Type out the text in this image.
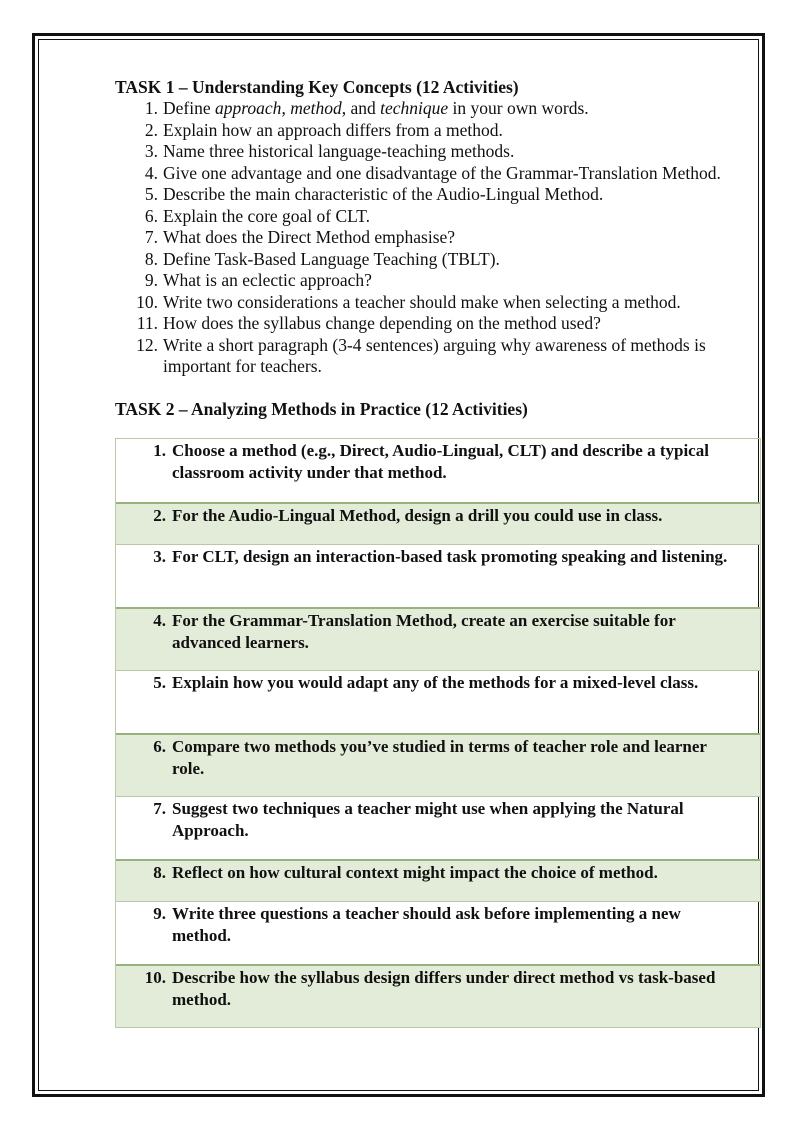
TASK 1 – Understanding Key Concepts (12 Activities)
1. Define approach, method, and technique in your own words.
2. Explain how an approach differs from a method.
3. Name three historical language-teaching methods.
4. Give one advantage and one disadvantage of the Grammar-Translation Method.
5. Describe the main characteristic of the Audio-Lingual Method.
6. Explain the core goal of CLT.
7. What does the Direct Method emphasise?
8. Define Task-Based Language Teaching (TBLT).
9. What is an eclectic approach?
10. Write two considerations a teacher should make when selecting a method.
11. How does the syllabus change depending on the method used?
12. Write a short paragraph (3-4 sentences) arguing why awareness of methods is important for teachers.
TASK 2 – Analyzing Methods in Practice (12 Activities)
1. Choose a method (e.g., Direct, Audio-Lingual, CLT) and describe a typical classroom activity under that method.
2. For the Audio-Lingual Method, design a drill you could use in class.
3. For CLT, design an interaction-based task promoting speaking and listening.
4. For the Grammar-Translation Method, create an exercise suitable for advanced learners.
5. Explain how you would adapt any of the methods for a mixed-level class.
6. Compare two methods you’ve studied in terms of teacher role and learner role.
7. Suggest two techniques a teacher might use when applying the Natural Approach.
8. Reflect on how cultural context might impact the choice of method.
9. Write three questions a teacher should ask before implementing a new method.
10. Describe how the syllabus design differs under direct method vs task-based method.
